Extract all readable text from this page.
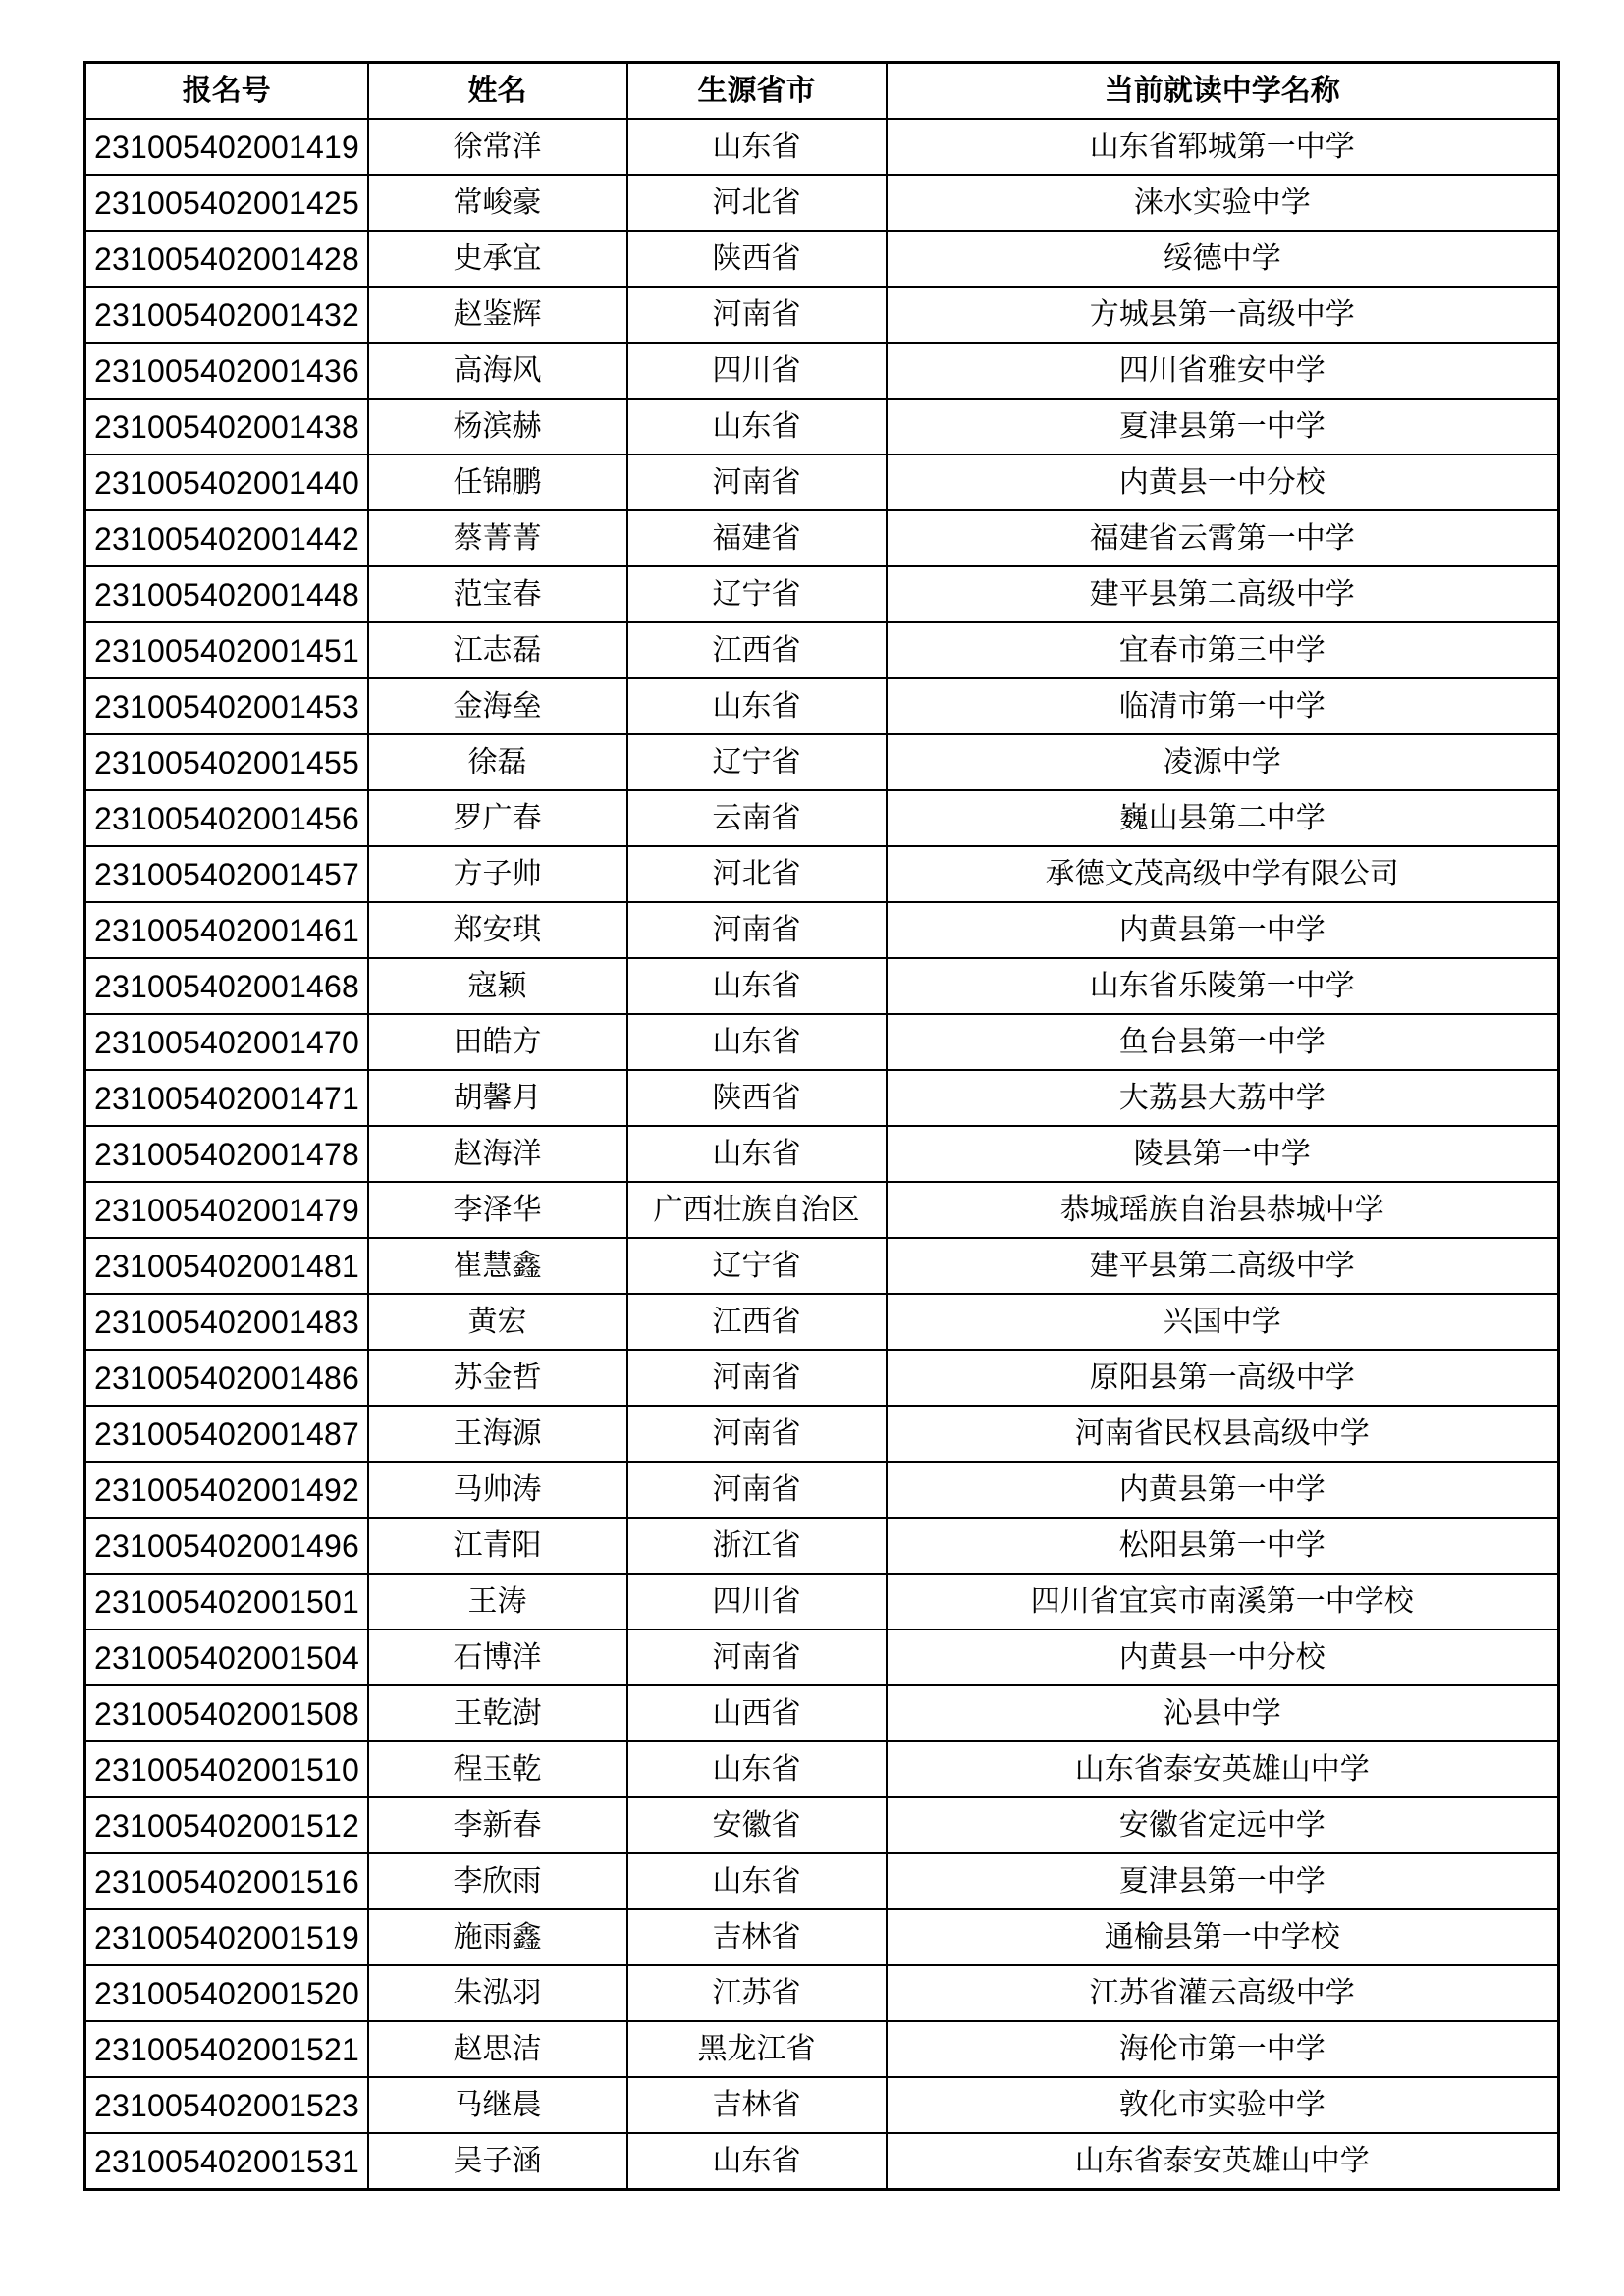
报名号	姓名	生源省市	当前就读中学名称
231005402001419	徐常洋	山东省	山东省郓城第一中学
231005402001425	常峻豪	河北省	涞水实验中学
231005402001428	史承宜	陕西省	绥德中学
231005402001432	赵鉴辉	河南省	方城县第一高级中学
231005402001436	高海风	四川省	四川省雅安中学
231005402001438	杨滨赫	山东省	夏津县第一中学
231005402001440	任锦鹏	河南省	内黄县一中分校
231005402001442	蔡菁菁	福建省	福建省云霄第一中学
231005402001448	范宝春	辽宁省	建平县第二高级中学
231005402001451	江志磊	江西省	宜春市第三中学
231005402001453	金海垒	山东省	临清市第一中学
231005402001455	徐磊	辽宁省	凌源中学
231005402001456	罗广春	云南省	巍山县第二中学
231005402001457	方子帅	河北省	承德文茂高级中学有限公司
231005402001461	郑安琪	河南省	内黄县第一中学
231005402001468	寇颖	山东省	山东省乐陵第一中学
231005402001470	田皓方	山东省	鱼台县第一中学
231005402001471	胡馨月	陕西省	大荔县大荔中学
231005402001478	赵海洋	山东省	陵县第一中学
231005402001479	李泽华	广西壮族自治区	恭城瑶族自治县恭城中学
231005402001481	崔慧鑫	辽宁省	建平县第二高级中学
231005402001483	黄宏	江西省	兴国中学
231005402001486	苏金哲	河南省	原阳县第一高级中学
231005402001487	王海源	河南省	河南省民权县高级中学
231005402001492	马帅涛	河南省	内黄县第一中学
231005402001496	江青阳	浙江省	松阳县第一中学
231005402001501	王涛	四川省	四川省宜宾市南溪第一中学校
231005402001504	石博洋	河南省	内黄县一中分校
231005402001508	王乾澍	山西省	沁县中学
231005402001510	程玉乾	山东省	山东省泰安英雄山中学
231005402001512	李新春	安徽省	安徽省定远中学
231005402001516	李欣雨	山东省	夏津县第一中学
231005402001519	施雨鑫	吉林省	通榆县第一中学校
231005402001520	朱泓羽	江苏省	江苏省灌云高级中学
231005402001521	赵思洁	黑龙江省	海伦市第一中学
231005402001523	马继晨	吉林省	敦化市实验中学
231005402001531	吴子涵	山东省	山东省泰安英雄山中学
